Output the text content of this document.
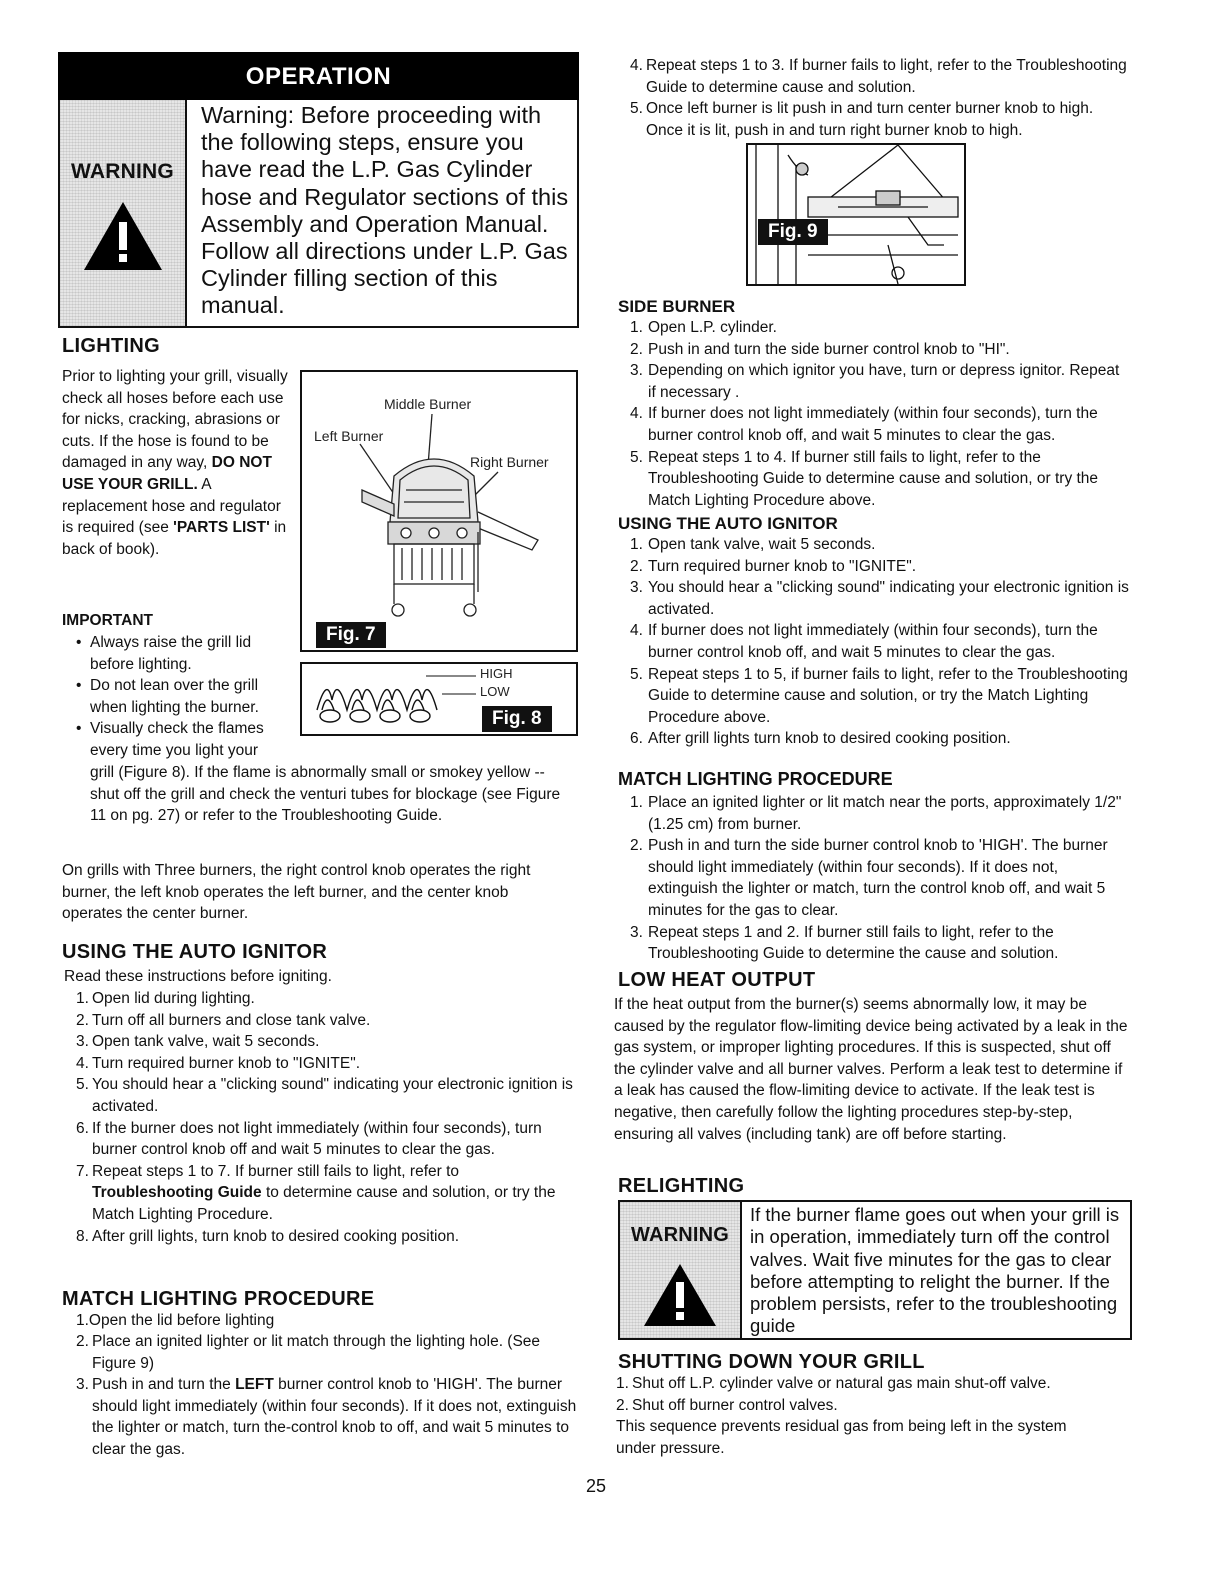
OPERATION
WARNING
Warning: Before proceeding with the following steps, ensure you have read the L.P. Gas Cylinder hose and Regulator sections of this Assembly and Operation Manual. Follow all directions under L.P. Gas Cylinder filling section of this manual.
LIGHTING
Prior to lighting your grill, visually check all hoses before each use for nicks, cracking, abrasions or cuts. If the hose is found to be damaged in any way, DO NOT USE YOUR GRILL. A replacement hose and regulator is required (see 'PARTS LIST' in back of book).
IMPORTANT
• Always raise the grill lid before lighting.
• Do not lean over the grill when lighting the burner.
• Visually check the flames every time you light your
grill (Figure 8). If the flame is abnormally small or smokey yellow -- shut off the grill and check the venturi tubes for blockage (see Figure 11 on pg. 27) or refer to the Troubleshooting Guide.
Middle Burner
Left Burner
Right Burner
Fig. 7
HIGH
LOW
Fig. 8
On grills with Three burners, the right control knob operates the right burner, the left knob operates the left burner, and the center knob operates the center burner.
USING THE AUTO IGNITOR
Read these instructions before igniting.
1. Open lid during lighting.
2. Turn off all burners and close tank valve.
3. Open tank valve, wait 5 seconds.
4. Turn required burner knob to "IGNITE".
5. You should hear a "clicking sound" indicating your electronic ignition is activated.
6. If the burner does not light immediately (within four seconds), turn burner control knob off and wait 5 minutes to clear the gas.
7. Repeat steps 1 to 7. If burner still fails to light, refer to Troubleshooting Guide to determine cause and solution, or try the Match Lighting Procedure.
8. After grill lights, turn knob to desired cooking position.
MATCH LIGHTING PROCEDURE
1.Open the lid before lighting
2. Place an ignited lighter or lit match through the lighting hole. (See Figure 9)
3. Push in and turn the LEFT burner control knob to 'HIGH'. The burner should light immediately (within four seconds). If it does not, extinguish the lighter or match, turn the-control knob to off, and wait 5 minutes to clear the gas.
4. Repeat steps 1 to 3. If burner fails to light, refer to the Troubleshooting Guide to determine cause and solution.
5. Once left burner is lit push in and turn center burner knob to high. Once it is lit, push in and turn right burner knob to high.
Fig. 9
SIDE BURNER
1. Open L.P. cylinder.
2. Push in and turn the side burner control knob to "HI".
3. Depending on which ignitor you have, turn or depress ignitor. Repeat if necessary .
4. If burner does not light immediately (within four seconds), turn the burner control knob off, and wait 5 minutes to clear the gas.
5. Repeat steps 1 to 4. If burner still fails to light, refer to the Troubleshooting Guide to determine cause and solution, or try the Match Lighting Procedure above.
USING THE AUTO IGNITOR
1. Open tank valve, wait 5 seconds.
2. Turn required burner knob to "IGNITE".
3. You should hear a "clicking sound" indicating your electronic ignition is activated.
4. If burner does not light immediately (within four seconds), turn the burner control knob off, and wait 5 minutes to clear the gas.
5. Repeat steps 1 to 5, if burner fails to light, refer to the Troubleshooting Guide to determine cause and solution, or try the Match Lighting Procedure above.
6. After grill lights turn knob to desired cooking position.
MATCH LIGHTING PROCEDURE
1. Place an ignited lighter or lit match near the ports, approximately 1/2" (1.25 cm) from burner.
2. Push in and turn the side burner control knob to 'HIGH'. The burner should light immediately (within four seconds). If it does not, extinguish the lighter or match, turn the control knob off, and wait 5 minutes for the gas to clear.
3. Repeat steps 1 and 2. If burner still fails to light, refer to the Troubleshooting Guide to determine the cause and solution.
LOW HEAT OUTPUT
If the heat output from the burner(s) seems abnormally low, it may be caused by the regulator flow-limiting device being activated by a leak in the gas system, or improper lighting procedures. If this is suspected, shut off the cylinder valve and all burner valves. Perform a leak test to determine if a leak has caused the flow-limiting device to activate. If the leak test is negative, then carefully follow the lighting procedures step-by-step, ensuring all valves (including tank) are off before starting.
RELIGHTING
WARNING
If the burner flame goes out when your grill is in operation, immediately turn off the control valves. Wait five minutes for the gas to clear before attempting to relight the burner. If the problem persists, refer to the troubleshooting guide
SHUTTING DOWN YOUR GRILL
1. Shut off L.P. cylinder valve or natural gas main shut-off valve.
2. Shut off burner control valves.
This sequence prevents residual gas from being left in the system under pressure.
25
